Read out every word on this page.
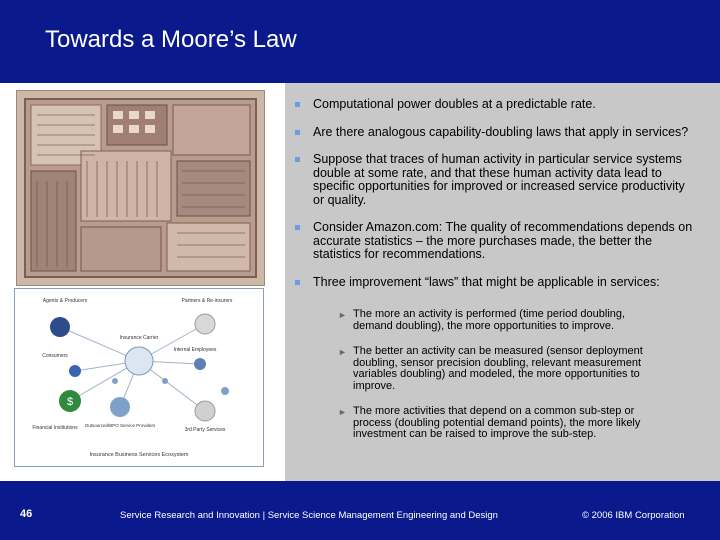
Towards a Moore’s Law
$
Agents & Producers	Partners & Re-insurers
Insurance Carrier
Consumers
Internal Employees
Financial Institutions Outsourced/BPO Service Providers
3rd Party Services
Insurance Business Services Ecosystem
Computational power doubles at a predictable rate.
Are there analogous capability-doubling laws that apply in services?
Suppose that traces of human activity in particular service systems double at some rate, and that these human activity data lead to specific opportunities for improved or increased service productivity or quality.
Consider Amazon.com: The quality of recommendations depends on accurate statistics – the more purchases made, the better the statistics for recommendations.
Three improvement “laws” that might be applicable in services:
► The more an activity is performed (time period doubling, demand doubling), the more opportunities to improve.
► The better an activity can be measured (sensor deployment doubling, sensor precision doubling, relevant measurement variables doubling) and modeled, the more opportunities to improve.
► The more activities that depend on a common sub-step or process (doubling potential demand points), the more likely investment can be raised to improve the sub-step.
46	Service Research and Innovation | Service Science Management Engineering and Design	© 2006 IBM Corporation
